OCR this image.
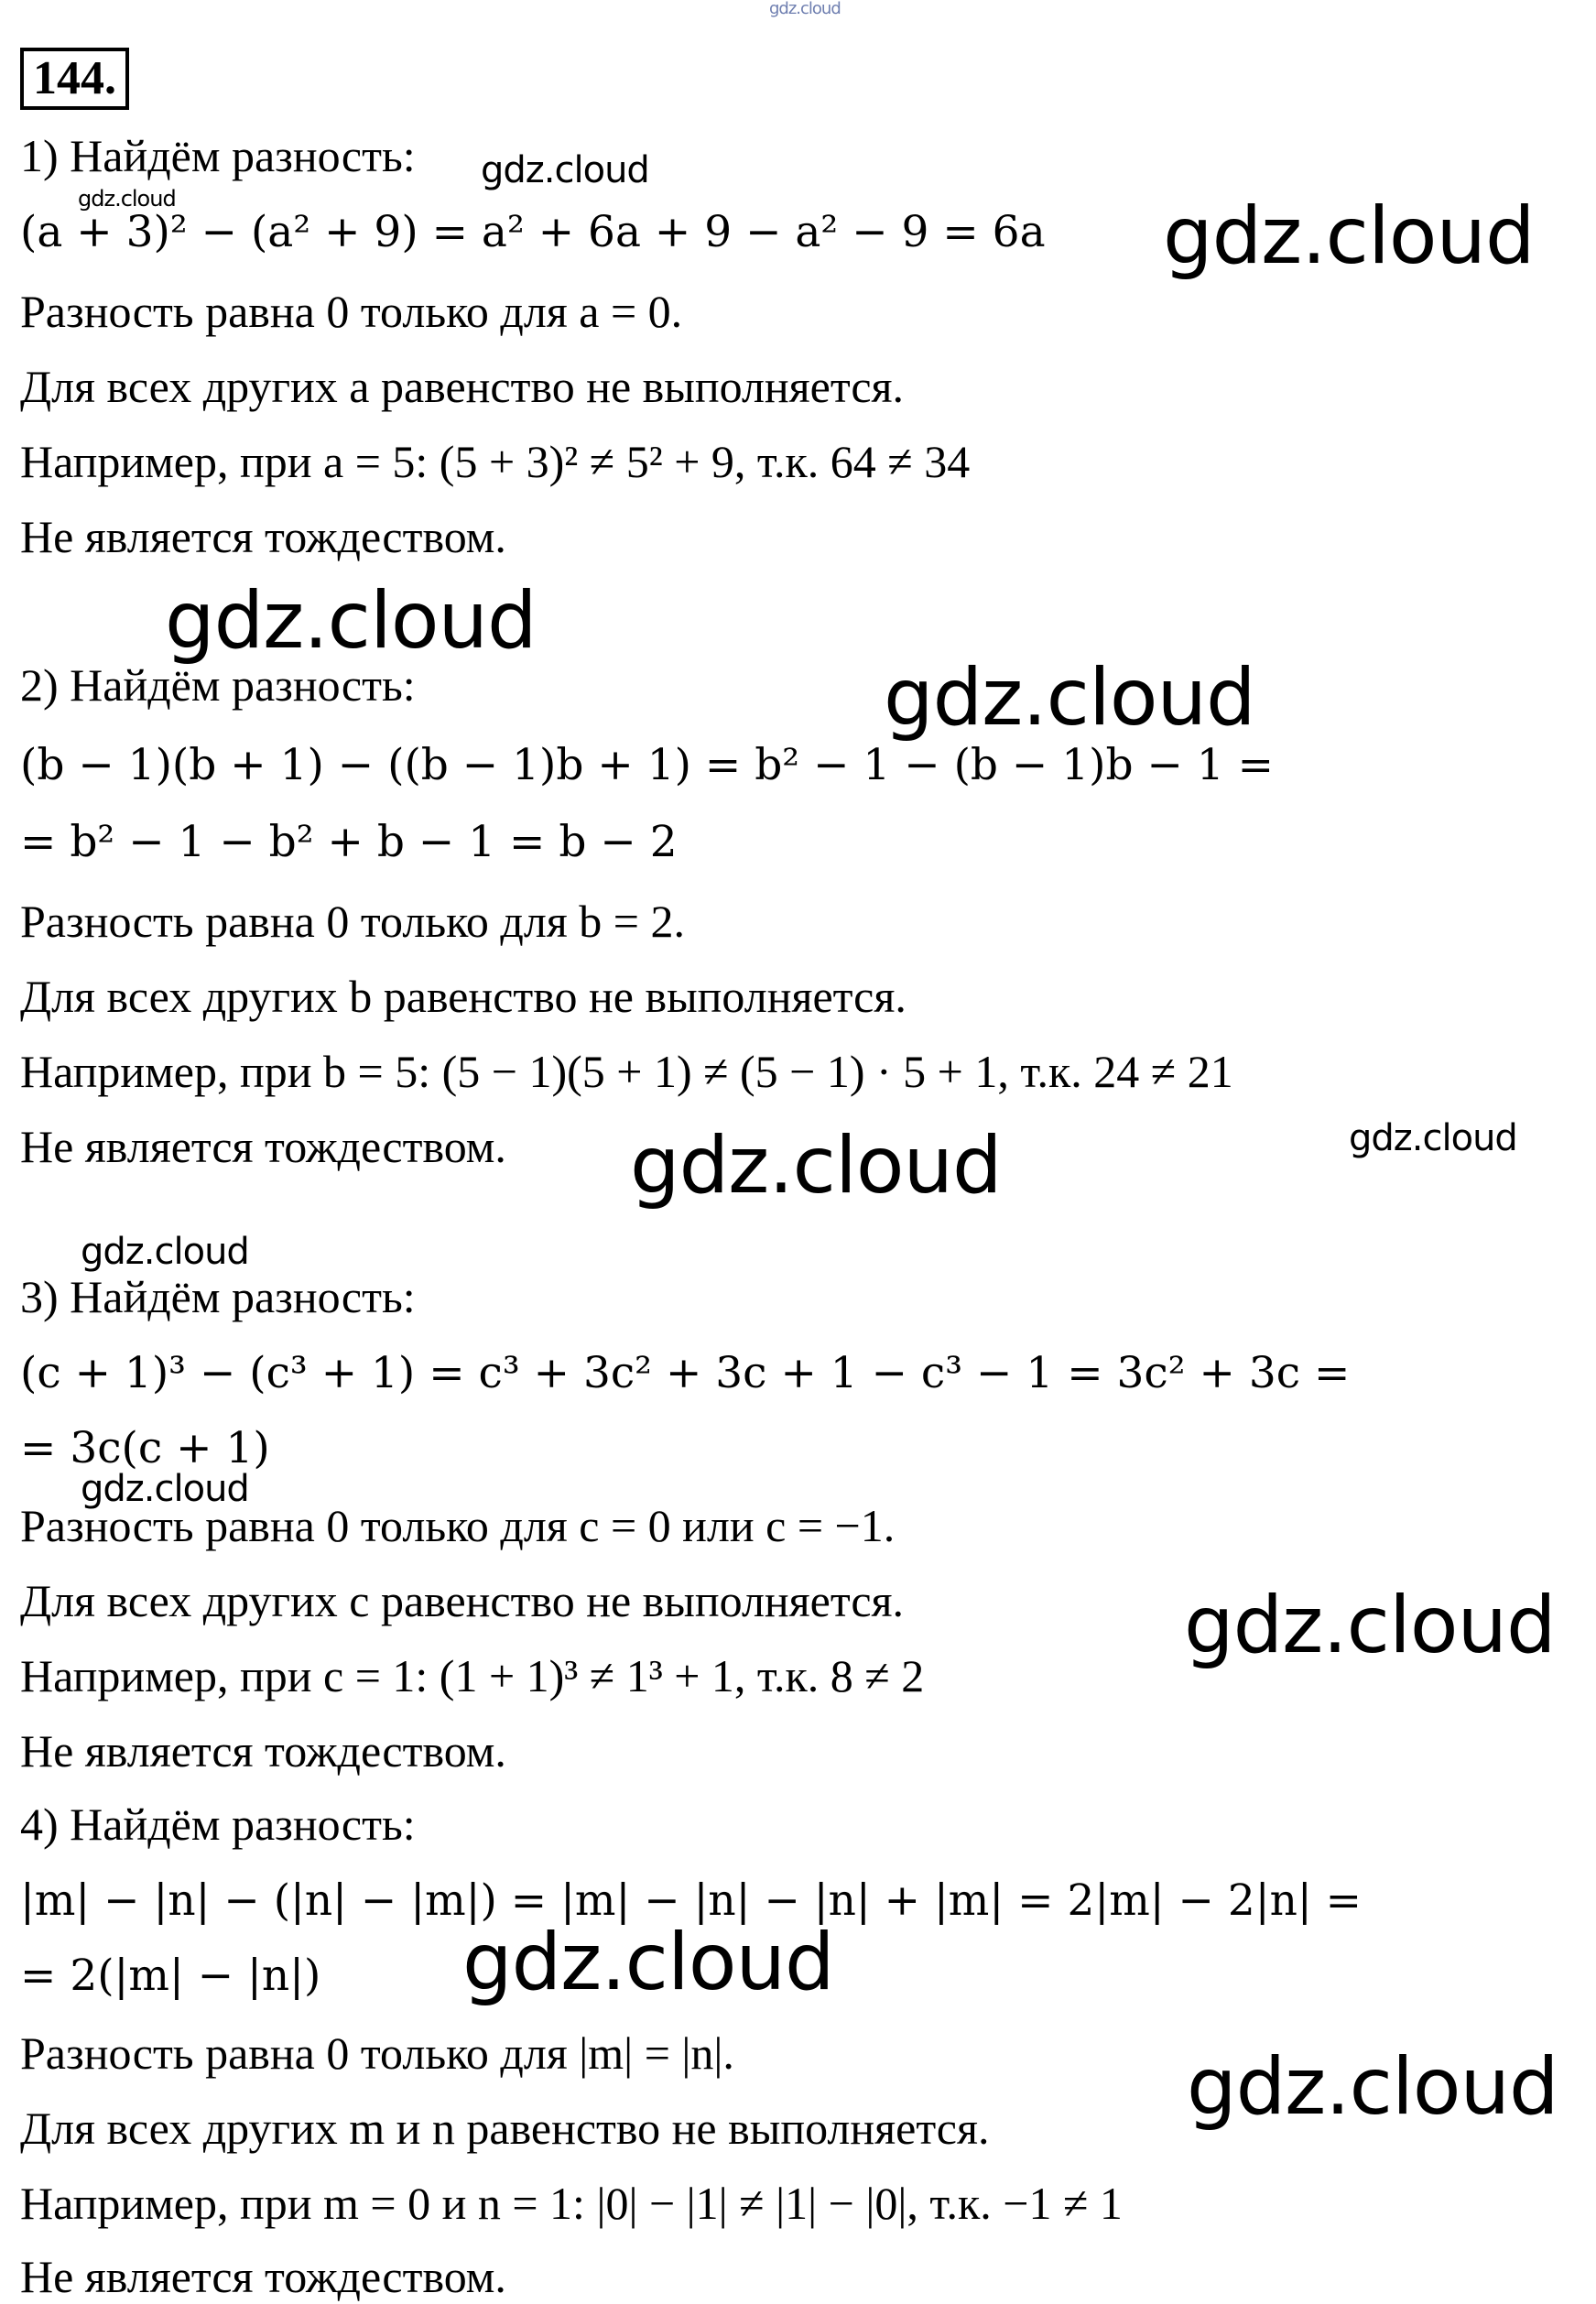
gdz.cloud
144.
1) Найдём разность:
(a + 3)² − (a² + 9) = a² + 6a + 9 − a² − 9 = 6a
Разность равна 0 только для a = 0.
Для всех других a равенство не выполняется.
Например, при a = 5: (5 + 3)² ≠ 5² + 9, т.к. 64 ≠ 34
Не является тождеством.
2) Найдём разность:
(b − 1)(b + 1) − ((b − 1)b + 1) = b² − 1 − (b − 1)b − 1 =
= b² − 1 − b² + b − 1 = b − 2
Разность равна 0 только для b = 2.
Для всех других b равенство не выполняется.
Например, при b = 5: (5 − 1)(5 + 1) ≠ (5 − 1) · 5 + 1, т.к. 24 ≠ 21
Не является тождеством.
3) Найдём разность:
(c + 1)³ − (c³ + 1) = c³ + 3c² + 3c + 1 − c³ − 1 = 3c² + 3c =
= 3c(c + 1)
Разность равна 0 только для c = 0 или c = −1.
Для всех других c равенство не выполняется.
Например, при c = 1: (1 + 1)³ ≠ 1³ + 1, т.к. 8 ≠ 2
Не является тождеством.
4) Найдём разность:
|m| − |n| − (|n| − |m|) = |m| − |n| − |n| + |m| = 2|m| − 2|n| =
= 2(|m| − |n|)
Разность равна 0 только для |m| = |n|.
Для всех других m и n равенство не выполняется.
Например, при m = 0 и n = 1: |0| − |1| ≠ |1| − |0|, т.к. −1 ≠ 1
Не является тождеством.
gdz.cloud
gdz.cloud	gdz.cloud
gdz.cloud
gdz.cloud
gdz.cloud	gdz.cloud
gdz.cloud
gdz.cloud
gdz.cloud
gdz.cloud
gdz.cloud
